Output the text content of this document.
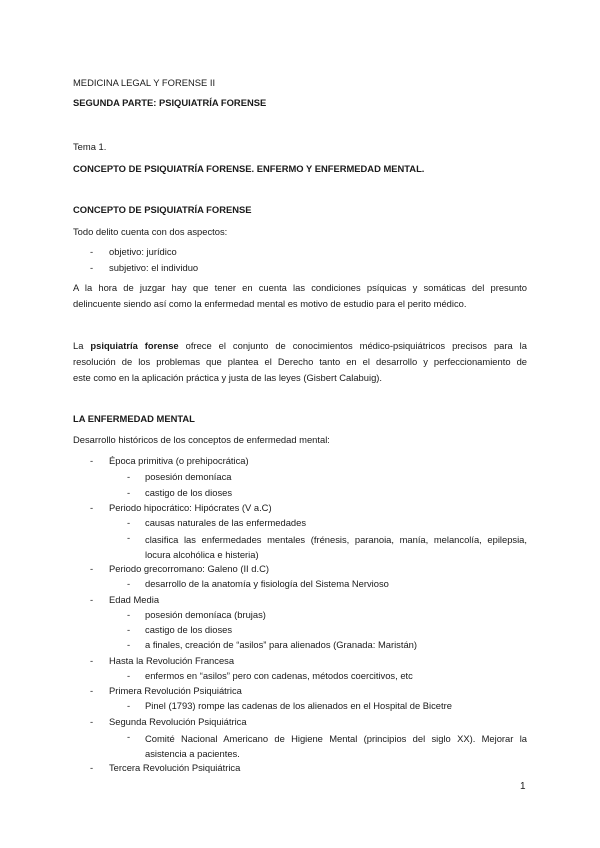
MEDICINA LEGAL Y FORENSE II
SEGUNDA PARTE: PSIQUIATRÍA FORENSE
Tema 1.
CONCEPTO DE PSIQUIATRÍA FORENSE. ENFERMO Y ENFERMEDAD MENTAL.
CONCEPTO DE PSIQUIATRÍA FORENSE
Todo delito cuenta con dos aspectos:
-	objetivo: jurídico
-	subjetivo: el individuo
A la hora de juzgar hay que tener en cuenta las condiciones psíquicas y somáticas del presunto
delincuente siendo así como la enfermedad mental es motivo de estudio para el perito médico.
La psiquiatría forense ofrece el conjunto de conocimientos médico-psiquiátricos precisos para la
resolución de los problemas que plantea el Derecho tanto en el desarrollo y perfeccionamiento de
este como en la aplicación práctica y justa de las leyes (Gisbert Calabuig).
LA ENFERMEDAD MENTAL
Desarrollo históricos de los conceptos de enfermedad mental:
-	Época primitiva (o prehipocrática)
-	posesión demoníaca
-	castigo de los dioses
-	Periodo hipocrático: Hipócrates (V a.C)
-	causas naturales de las enfermedades
-	clasifica las enfermedades mentales (frénesis, paranoia, manía, melancolía, epilepsia, locura alcohólica e histeria)
-	Periodo grecorromano: Galeno (II d.C)
-	desarrollo de la anatomía y fisiología del Sistema Nervioso
-	Edad Media
-	posesión demoníaca (brujas)
-	castigo de los dioses
-	a finales, creación de “asilos” para alienados (Granada: Maristán)
-	Hasta la Revolución Francesa
-	enfermos en “asilos” pero con cadenas, métodos coercitivos, etc
-	Primera Revolución Psiquiátrica
-	Pinel (1793) rompe las cadenas de los alienados en el Hospital de Bicetre
-	Segunda Revolución Psiquiátrica
-	Comité Nacional Americano de Higiene Mental (principios del siglo XX). Mejorar la asistencia a pacientes.
-	Tercera Revolución Psiquiátrica
1
